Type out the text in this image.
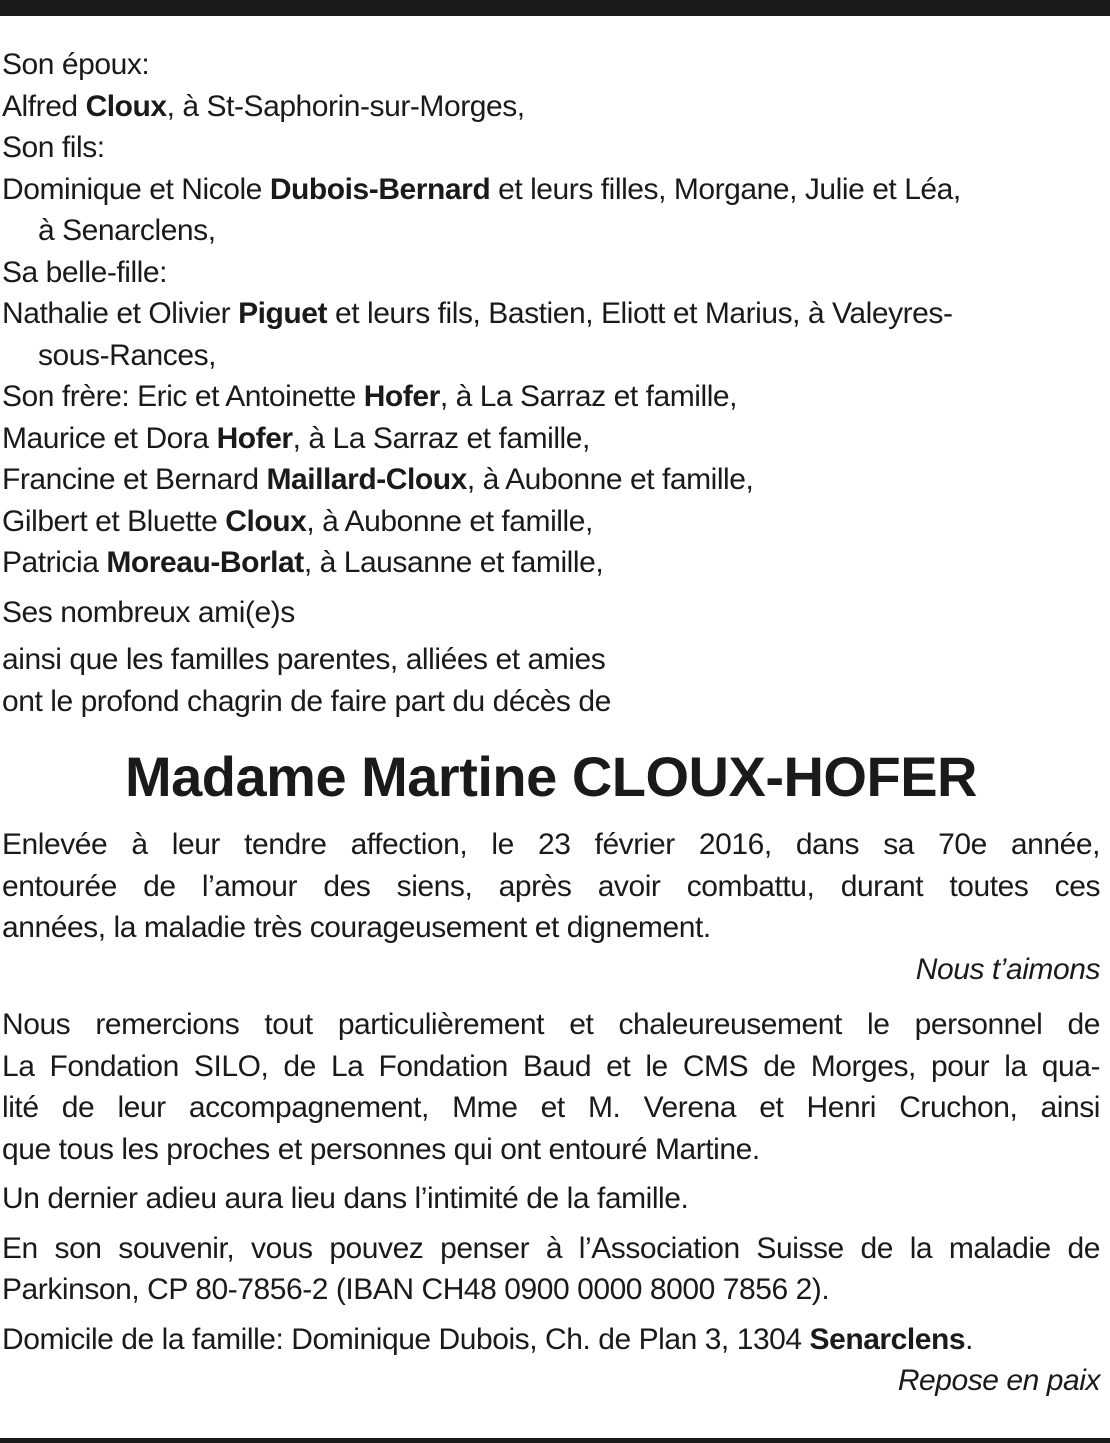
Son époux:
Alfred Cloux, à St-Saphorin-sur-Morges,
Son fils:
Dominique et Nicole Dubois-Bernard et leurs filles, Morgane, Julie et Léa,
à Senarclens,
Sa belle-fille:
Nathalie et Olivier Piguet et leurs fils, Bastien, Eliott et Marius, à Valeyres-
sous-Rances,
Son frère: Eric et Antoinette Hofer, à La Sarraz et famille,
Maurice et Dora Hofer, à La Sarraz et famille,
Francine et Bernard Maillard-Cloux, à Aubonne et famille,
Gilbert et Bluette Cloux, à Aubonne et famille,
Patricia Moreau-Borlat, à Lausanne et famille,
Ses nombreux ami(e)s
ainsi que les familles parentes, alliées et amies
ont le profond chagrin de faire part du décès de
Madame Martine CLOUX-HOFER
Enlevée à leur tendre affection, le 23 février 2016, dans sa 70e année,
entourée de l’amour des siens, après avoir combattu, durant toutes ces
années, la maladie très courageusement et dignement.
Nous t’aimons
Nous remercions tout particulièrement et chaleureusement le personnel de
La Fondation SILO, de La Fondation Baud et le CMS de Morges, pour la qua-
lité de leur accompagnement, Mme et M. Verena et Henri Cruchon, ainsi
que tous les proches et personnes qui ont entouré Martine.
Un dernier adieu aura lieu dans l’intimité de la famille.
En son souvenir, vous pouvez penser à l’Association Suisse de la maladie de
Parkinson, CP 80-7856-2 (IBAN CH48 0900 0000 8000 7856 2).
Domicile de la famille: Dominique Dubois, Ch. de Plan 3, 1304 Senarclens.
Repose en paix
